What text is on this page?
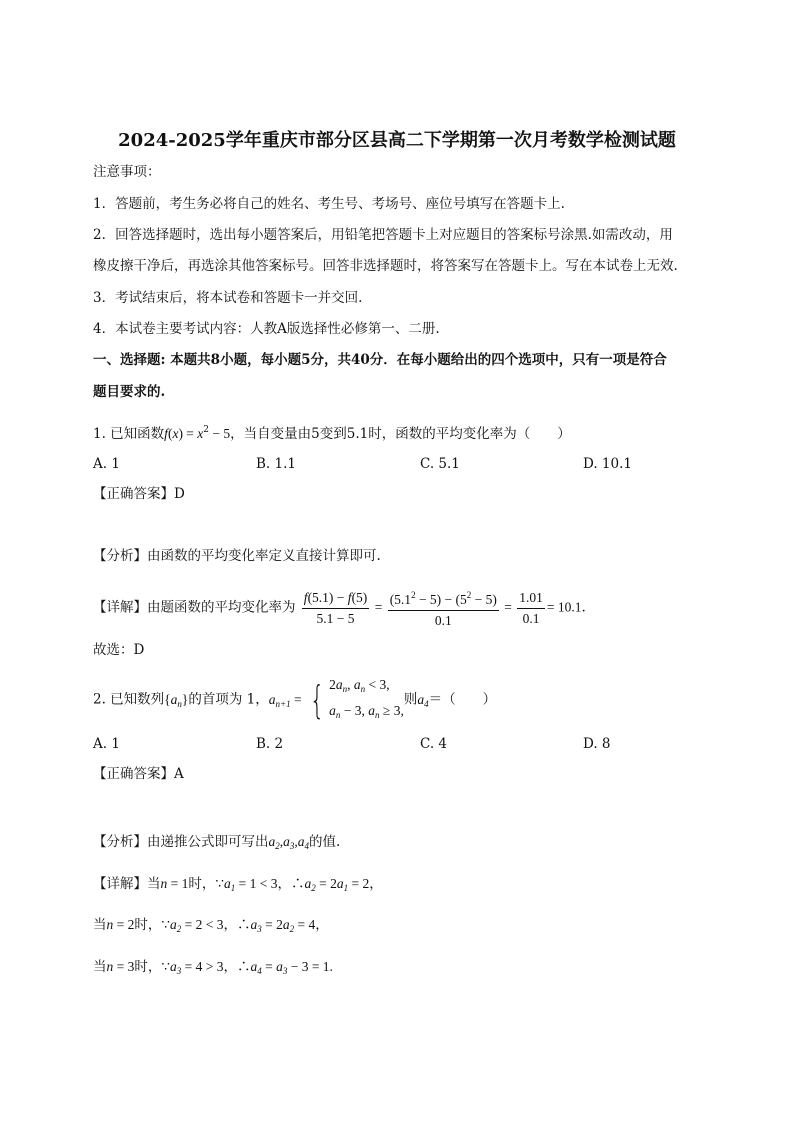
2024-2025学年重庆市部分区县高二下学期第一次月考数学检测试题
注意事项：
1．答题前，考生务必将自己的姓名、考生号、考场号、座位号填写在答题卡上.
2．回答选择题时，选出每小题答案后，用铅笔把答题卡上对应题目的答案标号涂黑.如需改动，用
橡皮擦干净后，再选涂其他答案标号。回答非选择题时，将答案写在答题卡上。写在本试卷上无效.
3．考试结束后，将本试卷和答题卡一并交回.
4．本试卷主要考试内容：人教A版选择性必修第一、二册.
一、选择题: 本题共8小题，每小题5分，共40分．在每小题给出的四个选项中，只有一项是符合
题目要求的.
1. 已知函数$f(x) = x^2 - 5$，当自变量由5变到5.1时，函数的平均变化率为（　　）
A. 1	B. 1.1	C. 5.1	D. 10.1
【正确答案】D
【分析】由函数的平均变化率定义直接计算即可.
【详解】由题函数的平均变化率为 $\frac{f(5.1) - f(5)}{5.1 - 5} = \frac{(5.1^2 - 5) - (5^2 - 5)}{0.1} = \frac{1.01}{0.1} = 10.1$.
故选：D
2. 已知数列$\{a_n\}$的首项为 1，$a_{n+1}$ = { $2a_n$, $a_n < 3$,
$a_n - 3$, $a_n \ge 3$,
则$a_4=$（　　）
A. 1	B. 2	C. 4	D. 8
【正确答案】A
【分析】由递推公式即可写出$a_2,a_3,a_4$的值.
【详解】当n = 1时，$\because a_1 = 1 < 3$，$\therefore a_2 = 2a_1 = 2$，
当n = 2时，$\because a_2 = 2 < 3$，$\therefore a_3 = 2a_2 = 4$，
当n = 3时，$\because a_3 = 4 > 3$，$\therefore a_4 = a_3 - 3 = 1$.
